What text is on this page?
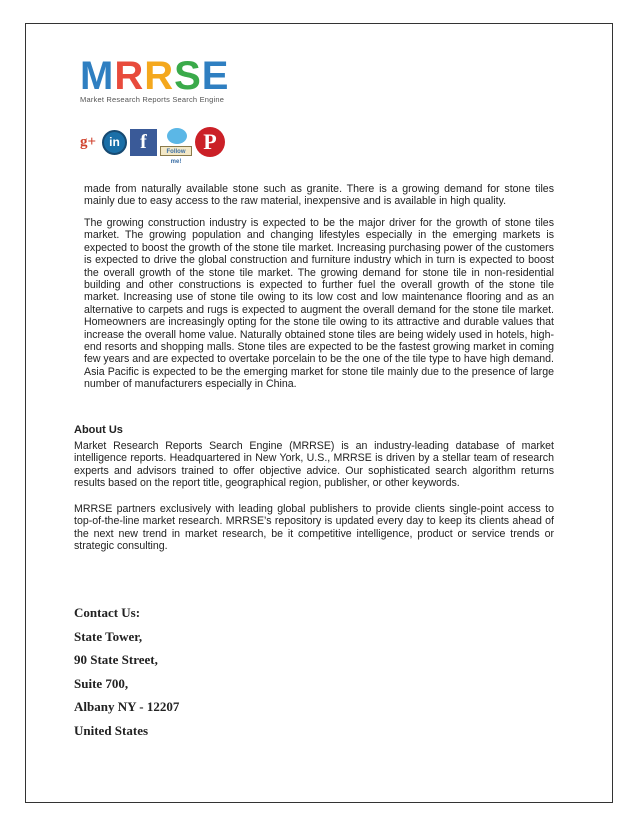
MRRSE
Market Research Reports Search Engine
g+	in	f	Follow me!
P

made from naturally available stone such as granite. There is a growing demand for stone tiles mainly due to easy access to the raw material, inexpensive and is available in high quality.

The growing construction industry is expected to be the major driver for the growth of stone tiles market. The growing population and changing lifestyles especially in the emerging markets is expected to boost the growth of the stone tile market. Increasing purchasing power of the customers is expected to drive the global construction and furniture industry which in turn is expected to boost the overall growth of the stone tile market. The growing demand for stone tile in non-residential building and other constructions is expected to further fuel the overall growth of the stone tile market. Increasing use of stone tile owing to its low cost and low maintenance flooring and as an alternative to carpets and rugs is expected to augment the overall demand for the stone tile market. Homeowners are increasingly opting for the stone tile owing to its attractive and durable values that increase the overall home value. Naturally obtained stone tiles are being widely used in hotels, high-end resorts and shopping malls. Stone tiles are expected to be the fastest growing market in coming few years and are expected to overtake porcelain to be the one of the tile type to have high demand. Asia Pacific is expected to be the emerging market for stone tile mainly due to the presence of large number of manufacturers especially in China.

About Us

Market Research Reports Search Engine (MRRSE) is an industry-leading database of market intelligence reports. Headquartered in New York, U.S., MRRSE is driven by a stellar team of research experts and advisors trained to offer objective advice. Our sophisticated search algorithm returns results based on the report title, geographical region, publisher, or other keywords.

MRRSE partners exclusively with leading global publishers to provide clients single-point access to top-of-the-line market research. MRRSE’s repository is updated every day to keep its clients ahead of the next new trend in market research, be it competitive intelligence, product or service trends or strategic consulting.

Contact Us:
State Tower,
90 State Street,
Suite 700,
Albany NY - 12207
United States
